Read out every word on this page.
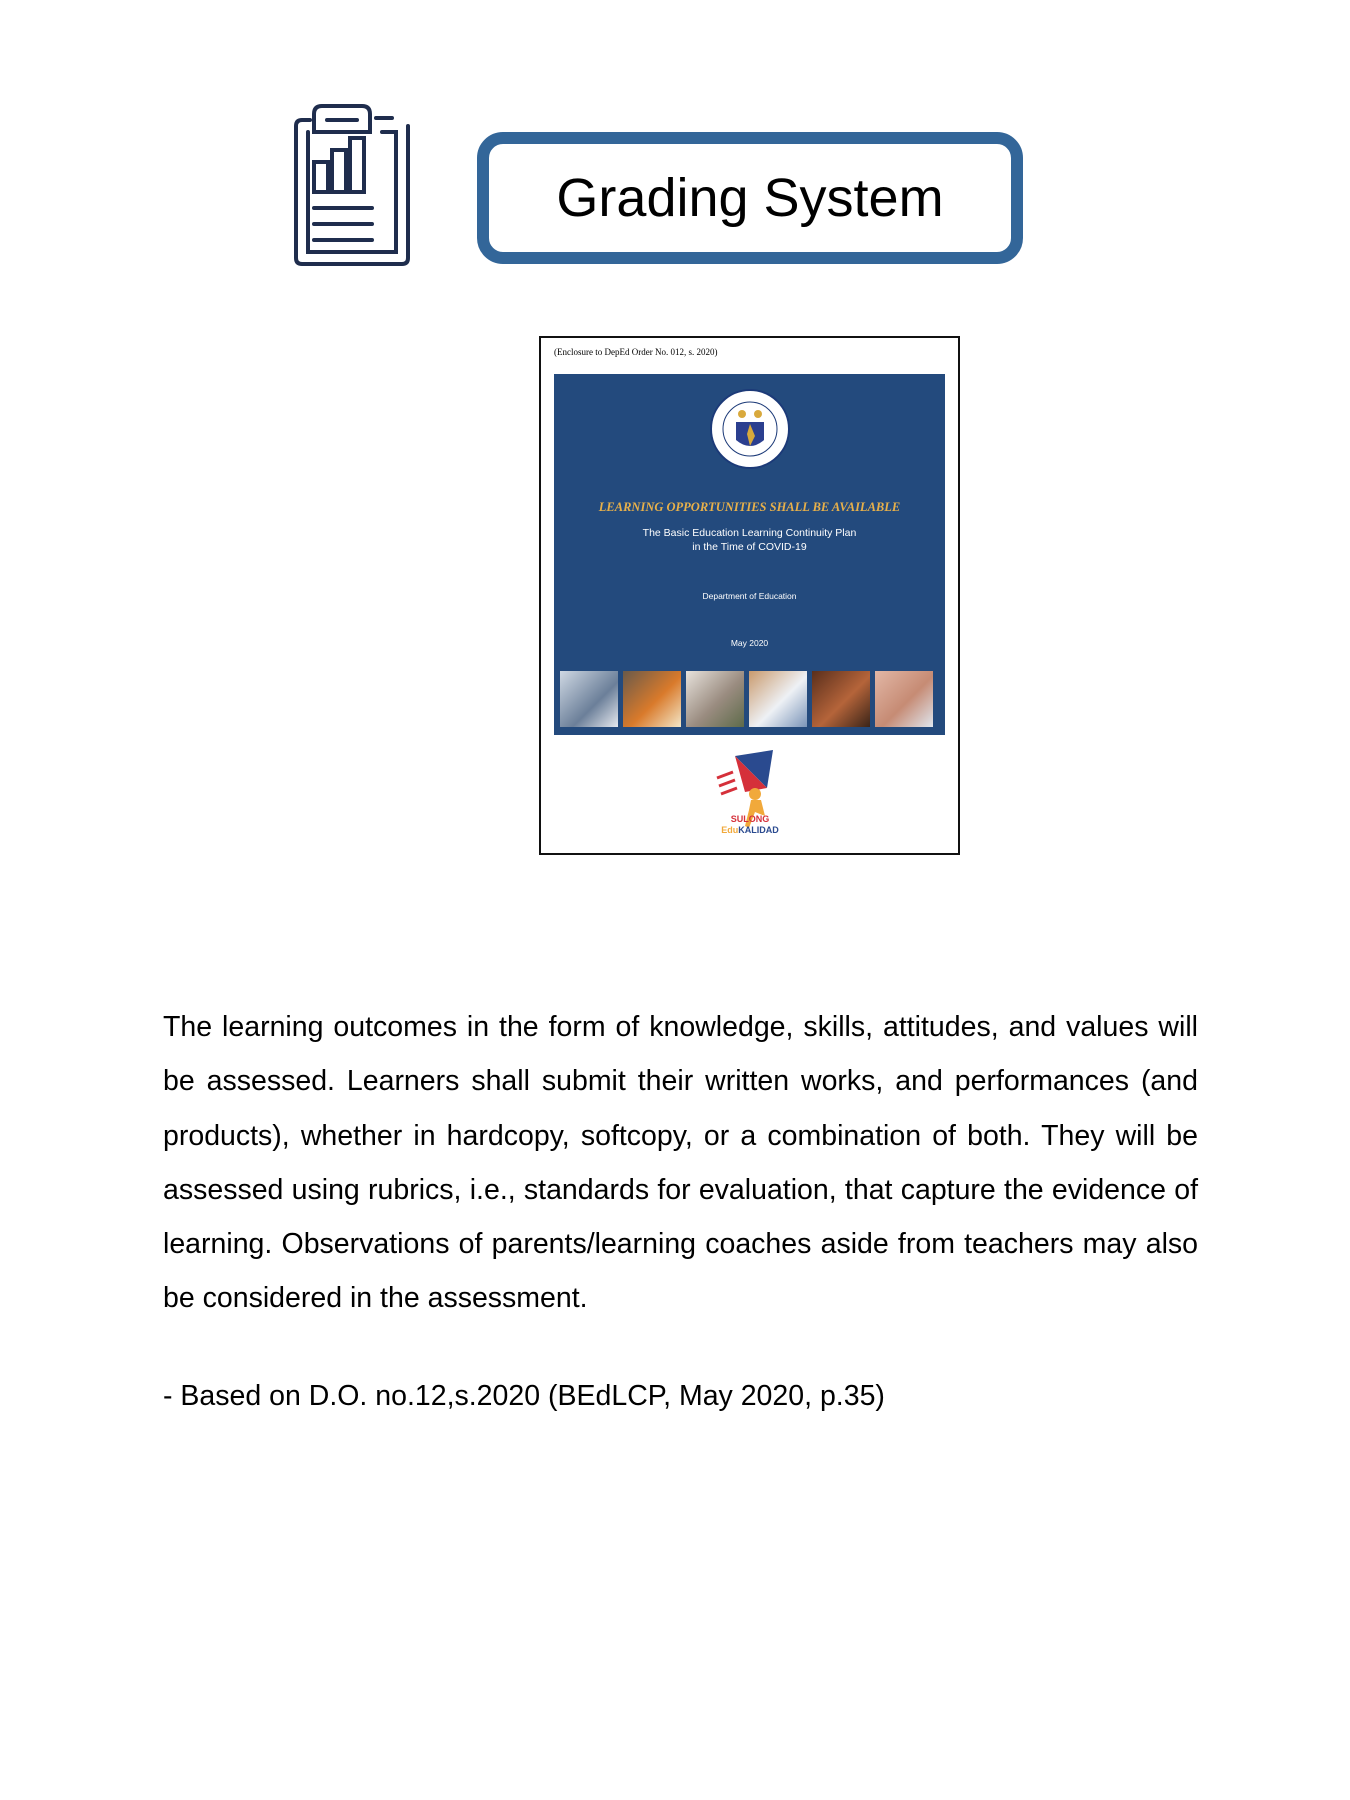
Grading System
(Enclosure to DepEd Order No. 012, s. 2020)
LEARNING OPPORTUNITIES SHALL BE AVAILABLE
The Basic Education Learning Continuity Plan
in the Time of COVID-19
Department of Education
May 2020
SULONG
EduKALIDAD

The learning outcomes in the form of knowledge, skills, attitudes, and values will be assessed. Learners shall submit their written works, and performances (and products), whether in hardcopy, softcopy, or a combination of both. They will be assessed using rubrics, i.e., standards for evaluation, that capture the evidence of learning. Observations of parents/learning coaches aside from teachers may also be considered in the assessment.

- Based on D.O. no.12,s.2020 (BEdLCP, May 2020, p.35)
